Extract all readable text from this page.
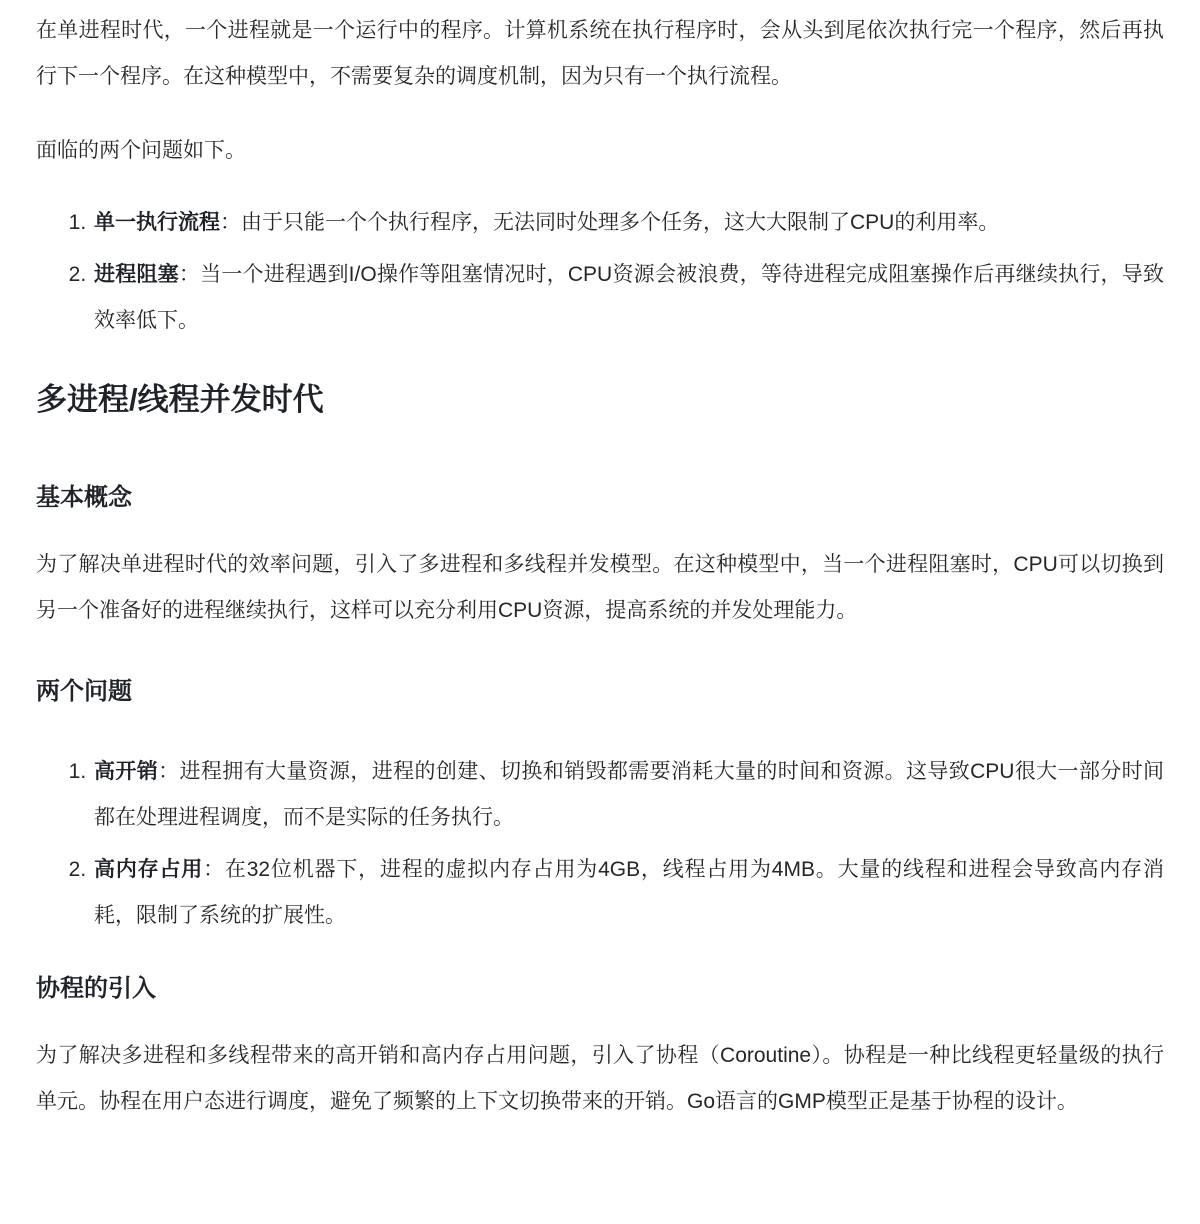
在单进程时代，一个进程就是一个运行中的程序。计算机系统在执行程序时，会从头到尾依次执行完一个程序，然后再执行下一个程序。在这种模型中，不需要复杂的调度机制，因为只有一个执行流程。

面临的两个问题如下。

1. 单一执行流程：由于只能一个个执行程序，无法同时处理多个任务，这大大限制了CPU的利用率。
2. 进程阻塞：当一个进程遇到I/O操作等阻塞情况时，CPU资源会被浪费，等待进程完成阻塞操作后再继续执行，导致效率低下。
多进程/线程并发时代
基本概念

为了解决单进程时代的效率问题，引入了多进程和多线程并发模型。在这种模型中，当一个进程阻塞时，CPU可以切换到另一个准备好的进程继续执行，这样可以充分利用CPU资源，提高系统的并发处理能力。

两个问题
1. 高开销：进程拥有大量资源，进程的创建、切换和销毁都需要消耗大量的时间和资源。这导致CPU很大一部分时间都在处理进程调度，而不是实际的任务执行。
2. 高内存占用：在32位机器下，进程的虚拟内存占用为4GB，线程占用为4MB。大量的线程和进程会导致高内存消耗，限制了系统的扩展性。
协程的引入

为了解决多进程和多线程带来的高开销和高内存占用问题，引入了协程（Coroutine）。协程是一种比线程更轻量级的执行单元。协程在用户态进行调度，避免了频繁的上下文切换带来的开销。Go语言的GMP模型正是基于协程的设计。
